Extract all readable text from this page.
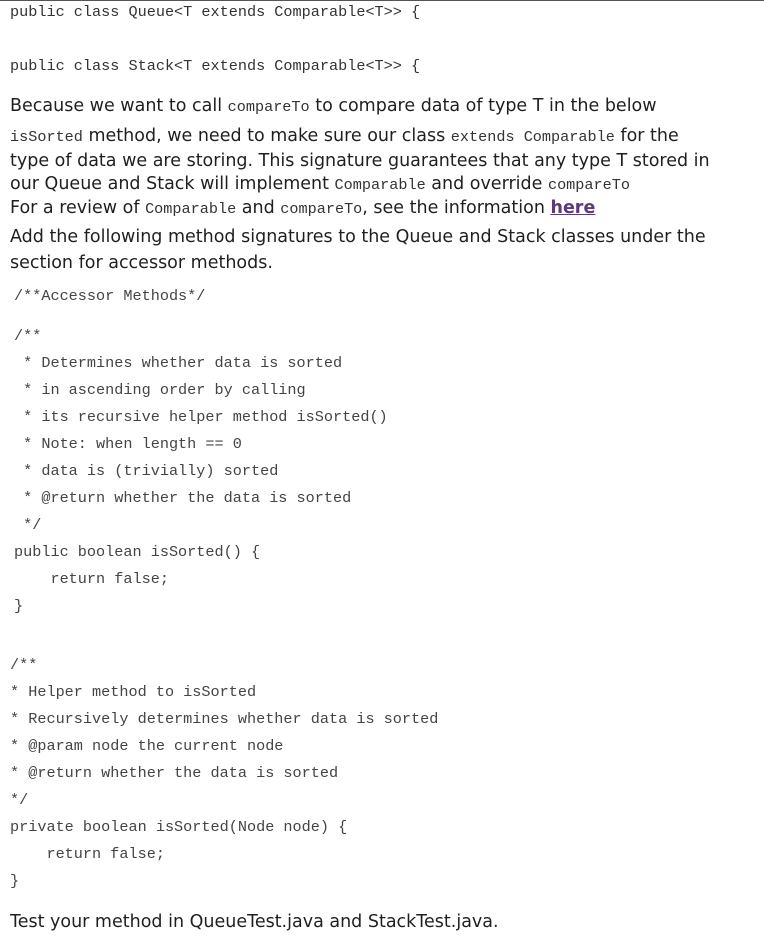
public class Queue<T extends Comparable<T>> {
public class Stack<T extends Comparable<T>> {
Because we want to call compareTo to compare data of type T in the below
isSorted method, we need to make sure our class extends Comparable for the
type of data we are storing. This signature guarantees that any type T stored in
our Queue and Stack will implement Comparable and override compareTo
For a review of Comparable and compareTo, see the information here
Add the following method signatures to the Queue and Stack classes under the
section for accessor methods.
/**Accessor Methods*/
/**
* Determines whether data is sorted
* in ascending order by calling
* its recursive helper method isSorted()
* Note: when length == 0
* data is (trivially) sorted
* @return whether the data is sorted
*/
public boolean isSorted() {
return false;
}
/**
* Helper method to isSorted
* Recursively determines whether data is sorted
* @param node the current node
* @return whether the data is sorted
*/
private boolean isSorted(Node node) {
return false;
}
Test your method in QueueTest.java and StackTest.java.
